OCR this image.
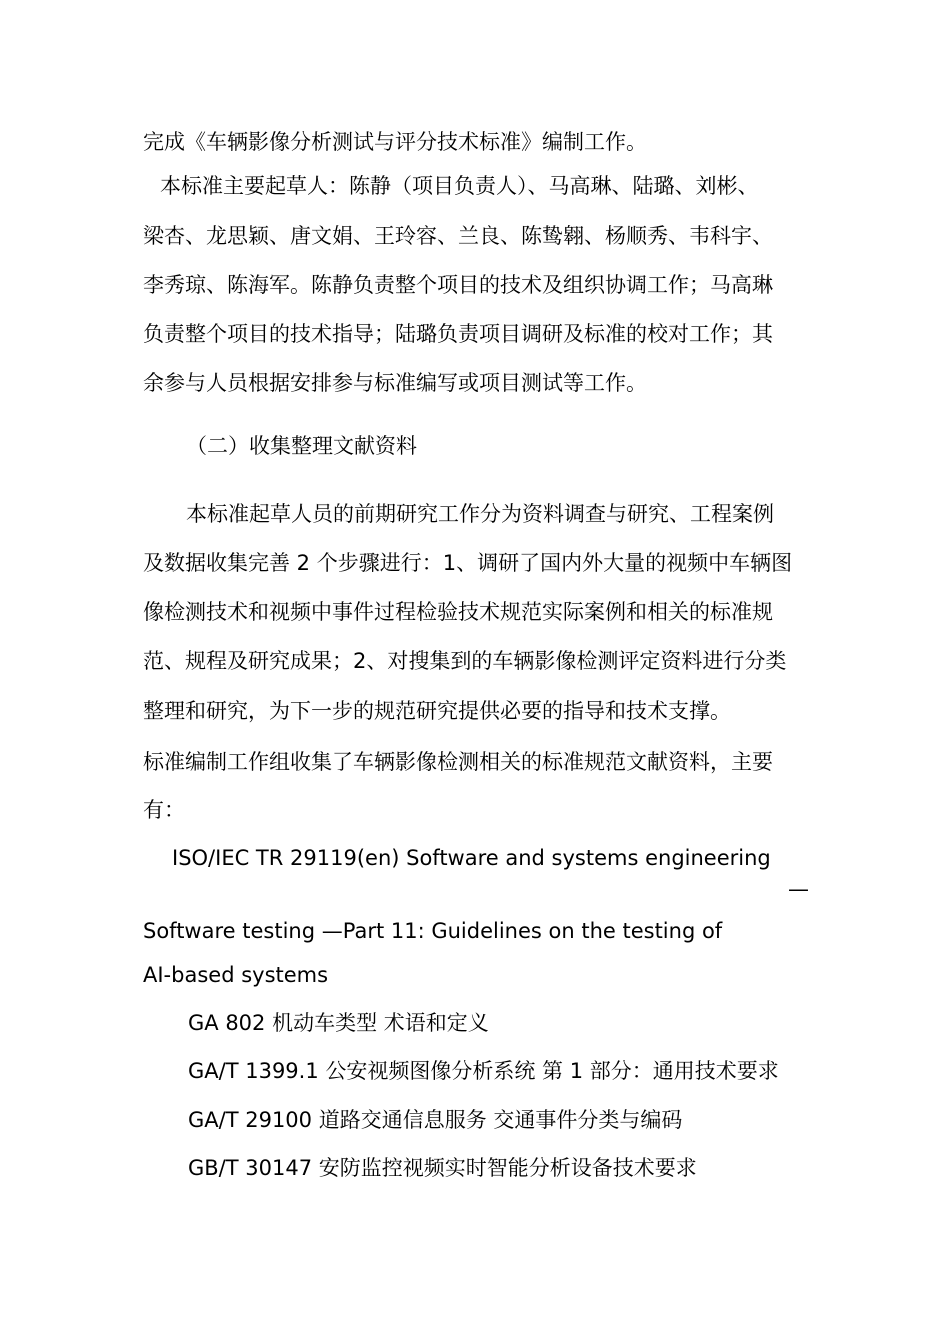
完成《车辆影像分析测试与评分技术标准》编制工作。
本标准主要起草人：陈静（项目负责人）、马高琳、陆璐、刘彬、
梁杏、龙思颖、唐文娟、王玲容、兰良、陈鸷翱、杨顺秀、韦科宇、
李秀琼、陈海军。陈静负责整个项目的技术及组织协调工作；马高琳
负责整个项目的技术指导；陆璐负责项目调研及标准的校对工作；其
余参与人员根据安排参与标准编写或项目测试等工作。
（二）收集整理文献资料
本标准起草人员的前期研究工作分为资料调查与研究、工程案例
及数据收集完善 2 个步骤进行：1、调研了国内外大量的视频中车辆图
像检测技术和视频中事件过程检验技术规范实际案例和相关的标准规
范、规程及研究成果；2、对搜集到的车辆影像检测评定资料进行分类
整理和研究，为下一步的规范研究提供必要的指导和技术支撑。
标准编制工作组收集了车辆影像检测相关的标准规范文献资料，主要
有：
ISO/IEC TR 29119(en) Software and systems engineering
—
Software testing —Part 11: Guidelines on the testing of
AI-based systems
GA 802 机动车类型 术语和定义
GA/T 1399.1 公安视频图像分析系统 第 1 部分：通用技术要求
GA/T 29100 道路交通信息服务 交通事件分类与编码
GB/T 30147 安防监控视频实时智能分析设备技术要求
